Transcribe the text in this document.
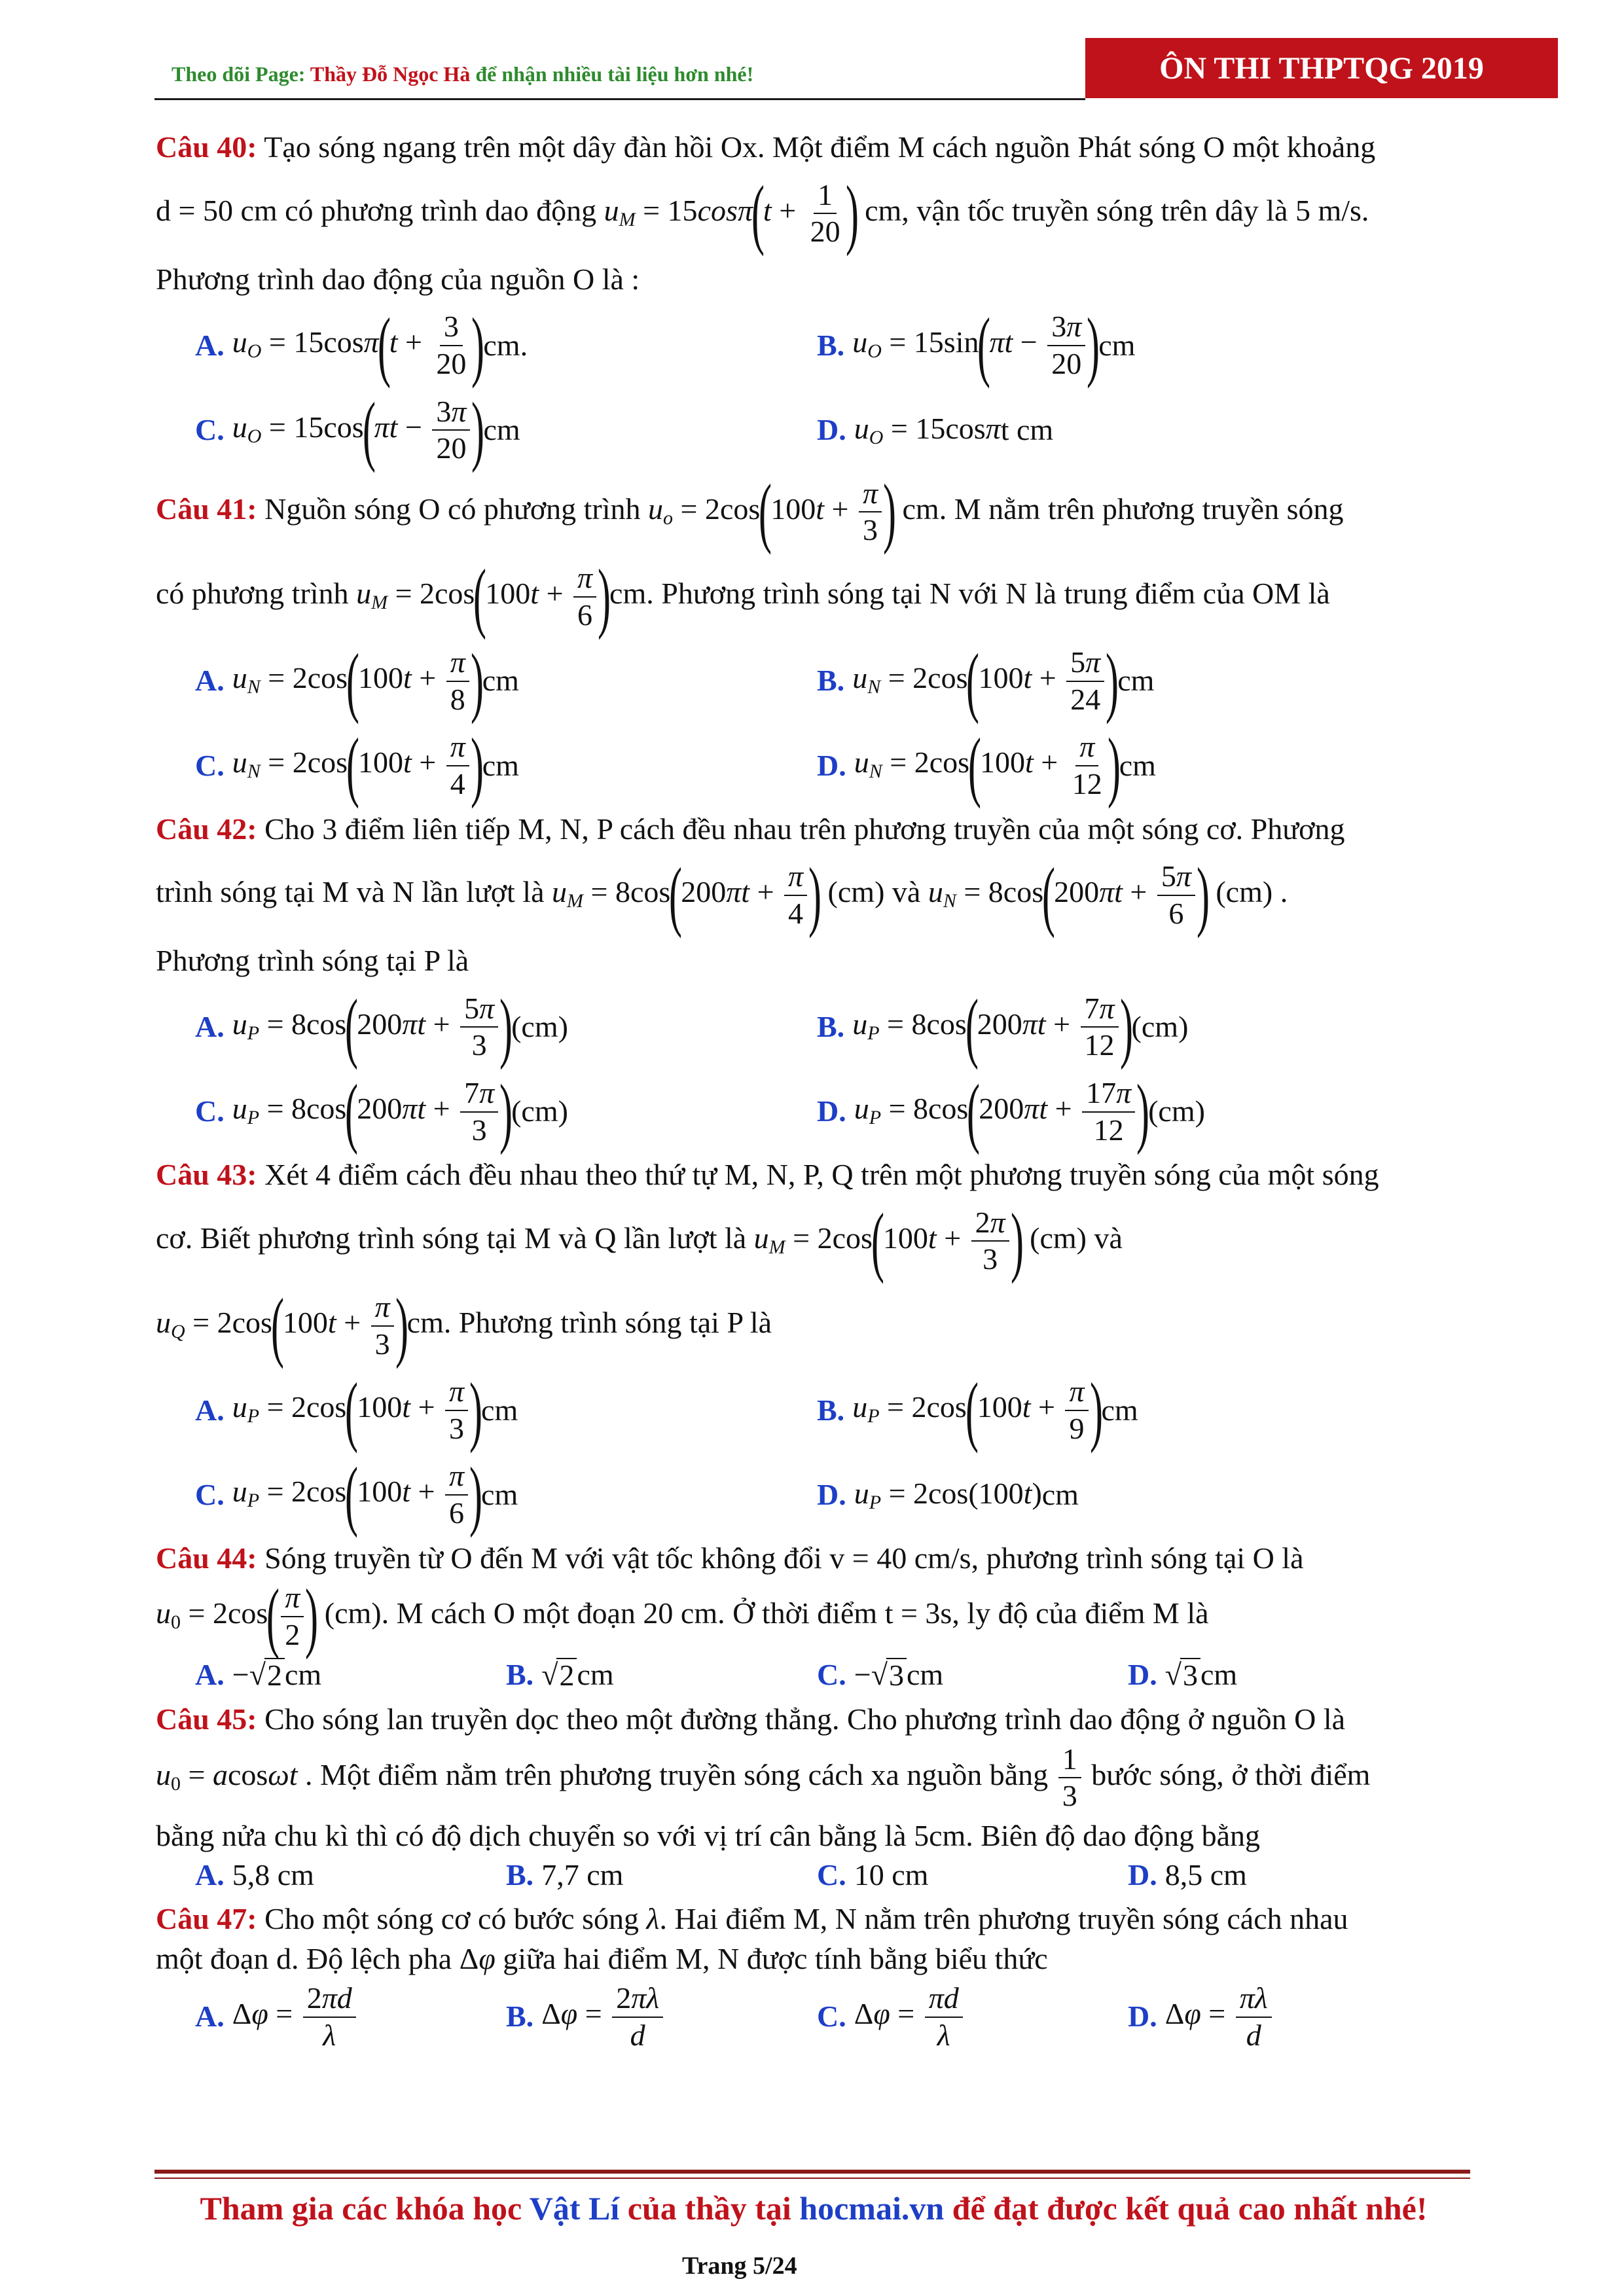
Theo dõi Page: Thầy Đỗ Ngọc Hà để nhận nhiều tài liệu hơn nhé!	ÔN THI THPTQG 2019

Câu 40: Tạo sóng ngang trên một dây đàn hồi Ox. Một điểm M cách nguồn Phát sóng O một khoảng

d = 50 cm có phương trình dao động $u_M = 15\cos\pi(t + \frac{1}{20}$ ) cm, vận tốc truyền sóng trên dây là 5 m/s.

Phương trình dao động của nguồn O là :

A. $u_O = 15\cos\pi(t + \frac{3}{20}$ )
cm.	B. $u_O = 15\sin(\pi t - \frac{3\pi}{20}$ )
cm
C. $u_O = 15\cos(\pi t - \frac{3\pi}{20}$ )
cm	D. $u_O = 15\cos\pi$ t cm

Câu 41: Nguồn sóng O có phương trình $u_o = 2\cos(100t + \frac{\pi}{3}$ ) cm. M nằm trên phương truyền sóng

có phương trình $u_M = 2\cos(100t + \frac{\pi}{6} )cm$. Phương trình sóng tại N với N là trung điểm của OM là

A. $u_N = 2\cos(100t + \frac{\pi}{8}$ )
cm	B. $u_N = 2\cos(100t + \frac{5\pi}{24}$ )
cm
C. $u_N = 2\cos(100t + \frac{\pi}{4}$ )
cm	D. $u_N = 2\cos(100t + \frac{\pi}{12}$ )
cm

Câu 42: Cho 3 điểm liên tiếp M, N, P cách đều nhau trên phương truyền của một sóng cơ. Phương

trình sóng tại M và N lần lượt là $u_M = 8\cos(200\pi t + \frac{\pi}{4}$ ) (cm) và $u_N = 8\cos(200\pi t + \frac{5\pi}{6}$ ) (cm) .

Phương trình sóng tại P là

A. $u_P = 8\cos(200\pi t + \frac{5\pi}{3}$ )
(cm)	B. $u_P = 8\cos(200\pi t + \frac{7\pi}{12}$ )
(cm)
C. $u_P = 8\cos(200\pi t + \frac{7\pi}{3}$ )
(cm)	D. $u_P = 8\cos(200\pi t + \frac{17\pi}{12}$ )
(cm)

Câu 43: Xét 4 điểm cách đều nhau theo thứ tự M, N, P, Q trên một phương truyền sóng của một sóng

cơ. Biết phương trình sóng tại M và Q lần lượt là $u_M = 2\cos(100t + \frac{2\pi}{3}$ ) (cm) và

$u_Q = 2\cos(100t + \frac{\pi}{3} )cm$. Phương trình sóng tại P là

A. $u_P = 2\cos(100t + \frac{\pi}{3}$ )
cm	B. $u_P = 2\cos(100t + \frac{\pi}{9}$ )
cm
C. $u_P = 2\cos(100t + \frac{\pi}{6}$ )
cm	D. $u_P = 2\cos(100t)$ cm

Câu 44: Sóng truyền từ O đến M với vật tốc không đổi v = 40 cm/s, phương trình sóng tại O là

$u_0 = 2\cos( \frac{\pi}{2}$ ) (cm). M cách O một đoạn 20 cm. Ở thời điểm t = 3s, ly độ của điểm M là

A. − √ 2 cm	B. √ 2 cm	C. − √ 3 cm	D. √ 3 cm

Câu 45: Cho sóng lan truyền dọc theo một đường thẳng. Cho phương trình dao động ở nguồn O là

$u_0 = acos\omega t$ . Một điểm nằm trên phương truyền sóng cách xa nguồn bằng $\frac{1}{3}$ bước sóng, ở thời điểm

bằng nửa chu kì thì có độ dịch chuyển so với vị trí cân bằng là 5cm. Biên độ dao động bằng

A. 5,8 cm	B. 7,7 cm	C. 10 cm	D. 8,5 cm

Câu 47: Cho một sóng cơ có bước sóng λ. Hai điểm M, N nằm trên phương truyền sóng cách nhau

một đoạn d. Độ lệch pha Δφ giữa hai điểm M, N được tính bằng biểu thức

A. $\Delta\varphi = \frac{2\pi d}{\lambda}$	B. $\Delta\varphi = \frac{2\pi\lambda}{d}$	C. $\Delta\varphi = \frac{\pi d}{\lambda}$	D. $\Delta\varphi = \frac{\pi\lambda}{d}$
Tham gia các khóa học Vật Lí của thầy tại hocmai.vn để đạt được kết quả cao nhất nhé!
Trang 5/24
